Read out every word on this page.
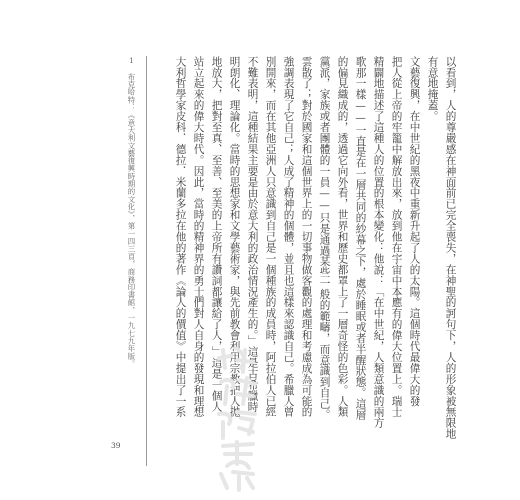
以看到，人的尊嚴感在神面前已完全喪失，在神聖的訶句下，人的形象被無限地
有意地掩蓋。
文藝復興，在中世紀的黑夜中重新升起了人的太陽。這個時代最偉大的發
把人從上帝的牢籠中解放出來，放到他在宇宙中本應有的偉大位置上。瑞士
精闢地描述了這種人的位置的根本變化：他說：「在中世紀，人類意識的兩方
歌那一樣——一直是在一層共同的紗幕之下，處於睡眠或者半醒狀態。這層
的偏見織成的，透過它向外看，世界和歷史都罩上了一層奇怪的色彩。人類
黨派，家族或者團體的一員——只是通過某些一般的範疇，而意識到自己。
雲散了；對於國家和這個世界上的一切事物做客觀的處理和考慮成為可能的
強調表現了它自己；人成了精神的個體，並且也這樣來認識自己。希臘人曾
別開來，而在其他亞洲人只意識到自己是一個種族的成員時，阿拉伯人已經
不難表明，這種結果主要是由於意大利的政治情況產生的。」這是古希臘時
明朗化、理論化。當時的思想家和文學藝術家，與先前教會利用宗教把人拋
地放大，把對至真、至善、至美的上帝所有讚詞都讓給了人，」這是一個人
站立起來的偉大時代。因此，當時的精神界的勇士們對人自身的發現和理想
大利哲學家皮科．德拉．米蘭多拉在他的著作《論人的價值》中提出了一系
1　布克哈特：《意大利文藝復興時期的文化》，第一四三頁，商務印書館，一九七九年版。
39
